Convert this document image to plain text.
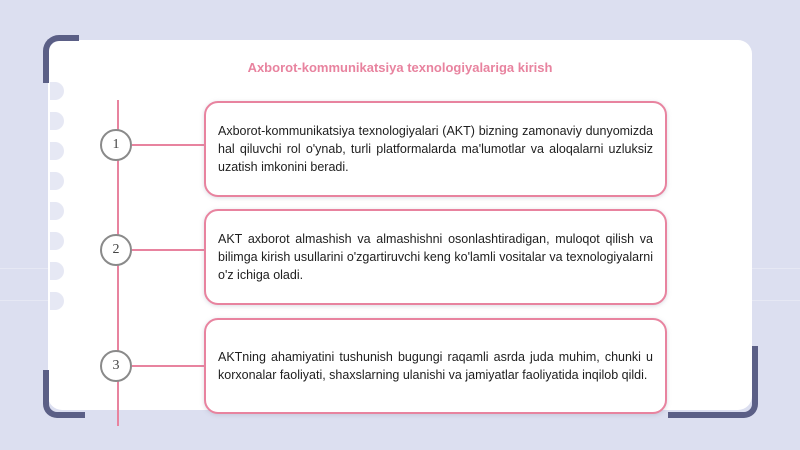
Axborot-kommunikatsiya texnologiyalariga kirish
1

Axborot-kommunikatsiya texnologiyalari (AKT) bizning zamonaviy dunyomizda hal qiluvchi rol o'ynab, turli platformalarda ma'lumotlar va aloqalarni uzluksiz uzatish imkonini beradi.

2

AKT axborot almashish va almashishni osonlashtiradigan, muloqot qilish va bilimga kirish usullarini o'zgartiruvchi keng ko'lamli vositalar va texnologiyalarni o'z ichiga oladi.

3

AKTning ahamiyatini tushunish bugungi raqamli asrda juda muhim, chunki u korxonalar faoliyati, shaxslarning ulanishi va jamiyatlar faoliyatida inqilob qildi.
